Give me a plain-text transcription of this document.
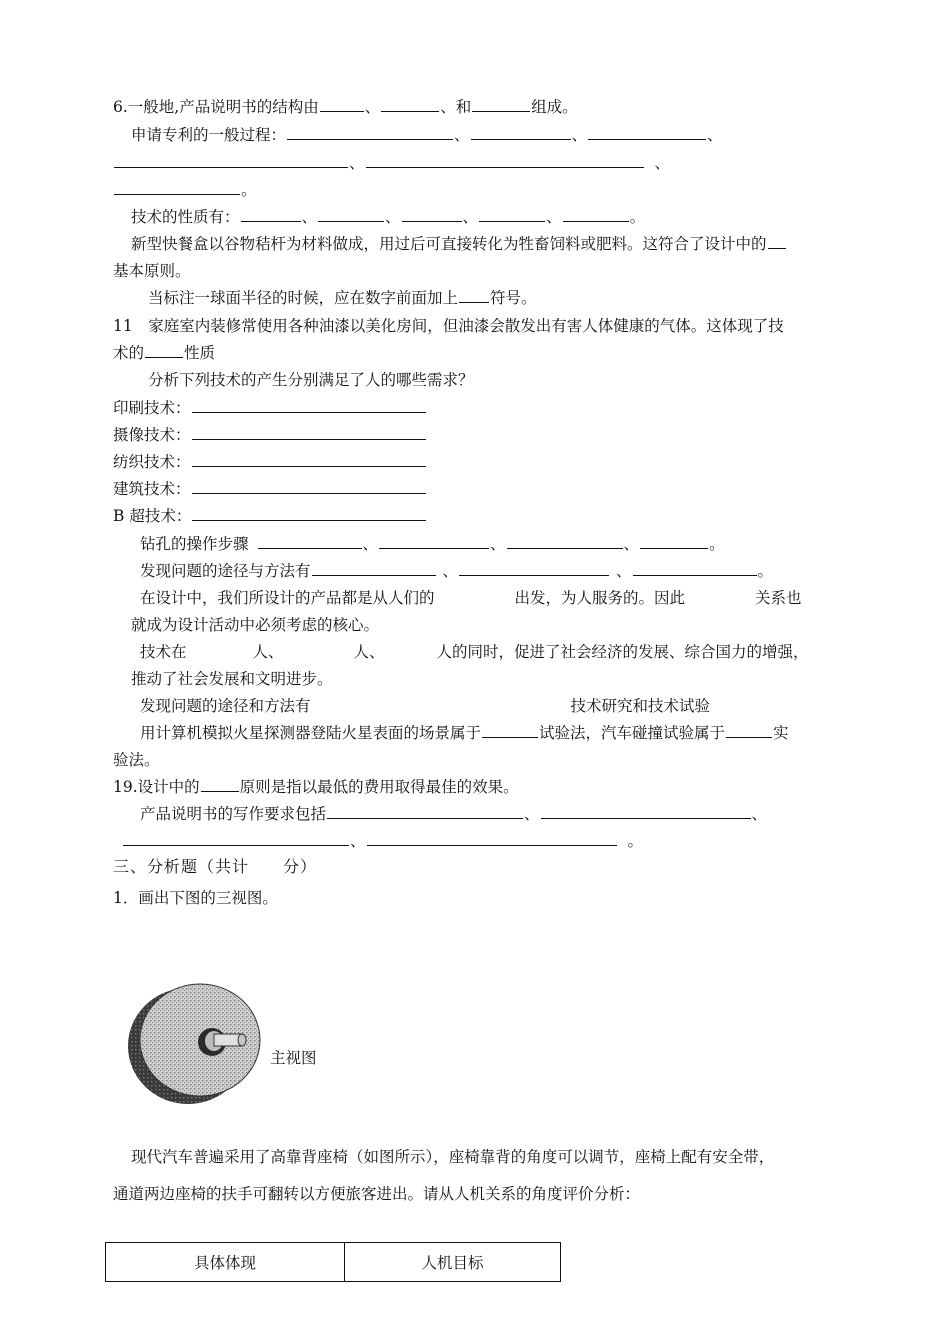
6.一般地,产品说明书的结构由	、	、和	组成。
申请专利的一般过程：	、	、	、
、	、
。
技术的性质有：	、	、	、	、	。
新型快餐盒以谷物秸杆为材料做成，用过后可直接转化为牲畜饲料或肥料。这符合了设计中的
基本原则。
当标注一球面半径的时候，应在数字前面加上 符号。
11　家庭室内装修常使用各种油漆以美化房间，但油漆会散发出有害人体健康的气体。这体现了技
术的	性质
分析下列技术的产生分别满足了人的哪些需求？
印刷技术：
摄像技术：
纺织技术：
建筑技术：
B 超技术：
钻孔的操作步骤	、	、	、	。
发现问题的途径与方法有	、	、	。
在设计中，我们所设计的产品都是从人们的	出发，为人服务的。因此	关系也
就成为设计活动中必须考虑的核心。
技术在	人、	人、	人的同时，促进了社会经济的发展、综合国力的增强，
推动了社会发展和文明进步。
发现问题的途径和方法有	技术研究和技术试验
用计算机模拟火星探测器登陆火星表面的场景属于	试验法，汽车碰撞试验属于	实
验法。
19.设计中的	原则是指以最低的费用取得最佳的效果。
产品说明书的写作要求包括	、	、
、	。
三、分析题（共计　　分）
1．画出下图的三视图。
主视图
现代汽车普遍采用了高靠背座椅（如图所示），座椅靠背的角度可以调节，座椅上配有安全带，
通道两边座椅的扶手可翻转以方便旅客进出。请从人机关系的角度评价分析：
具体体现	人机目标
